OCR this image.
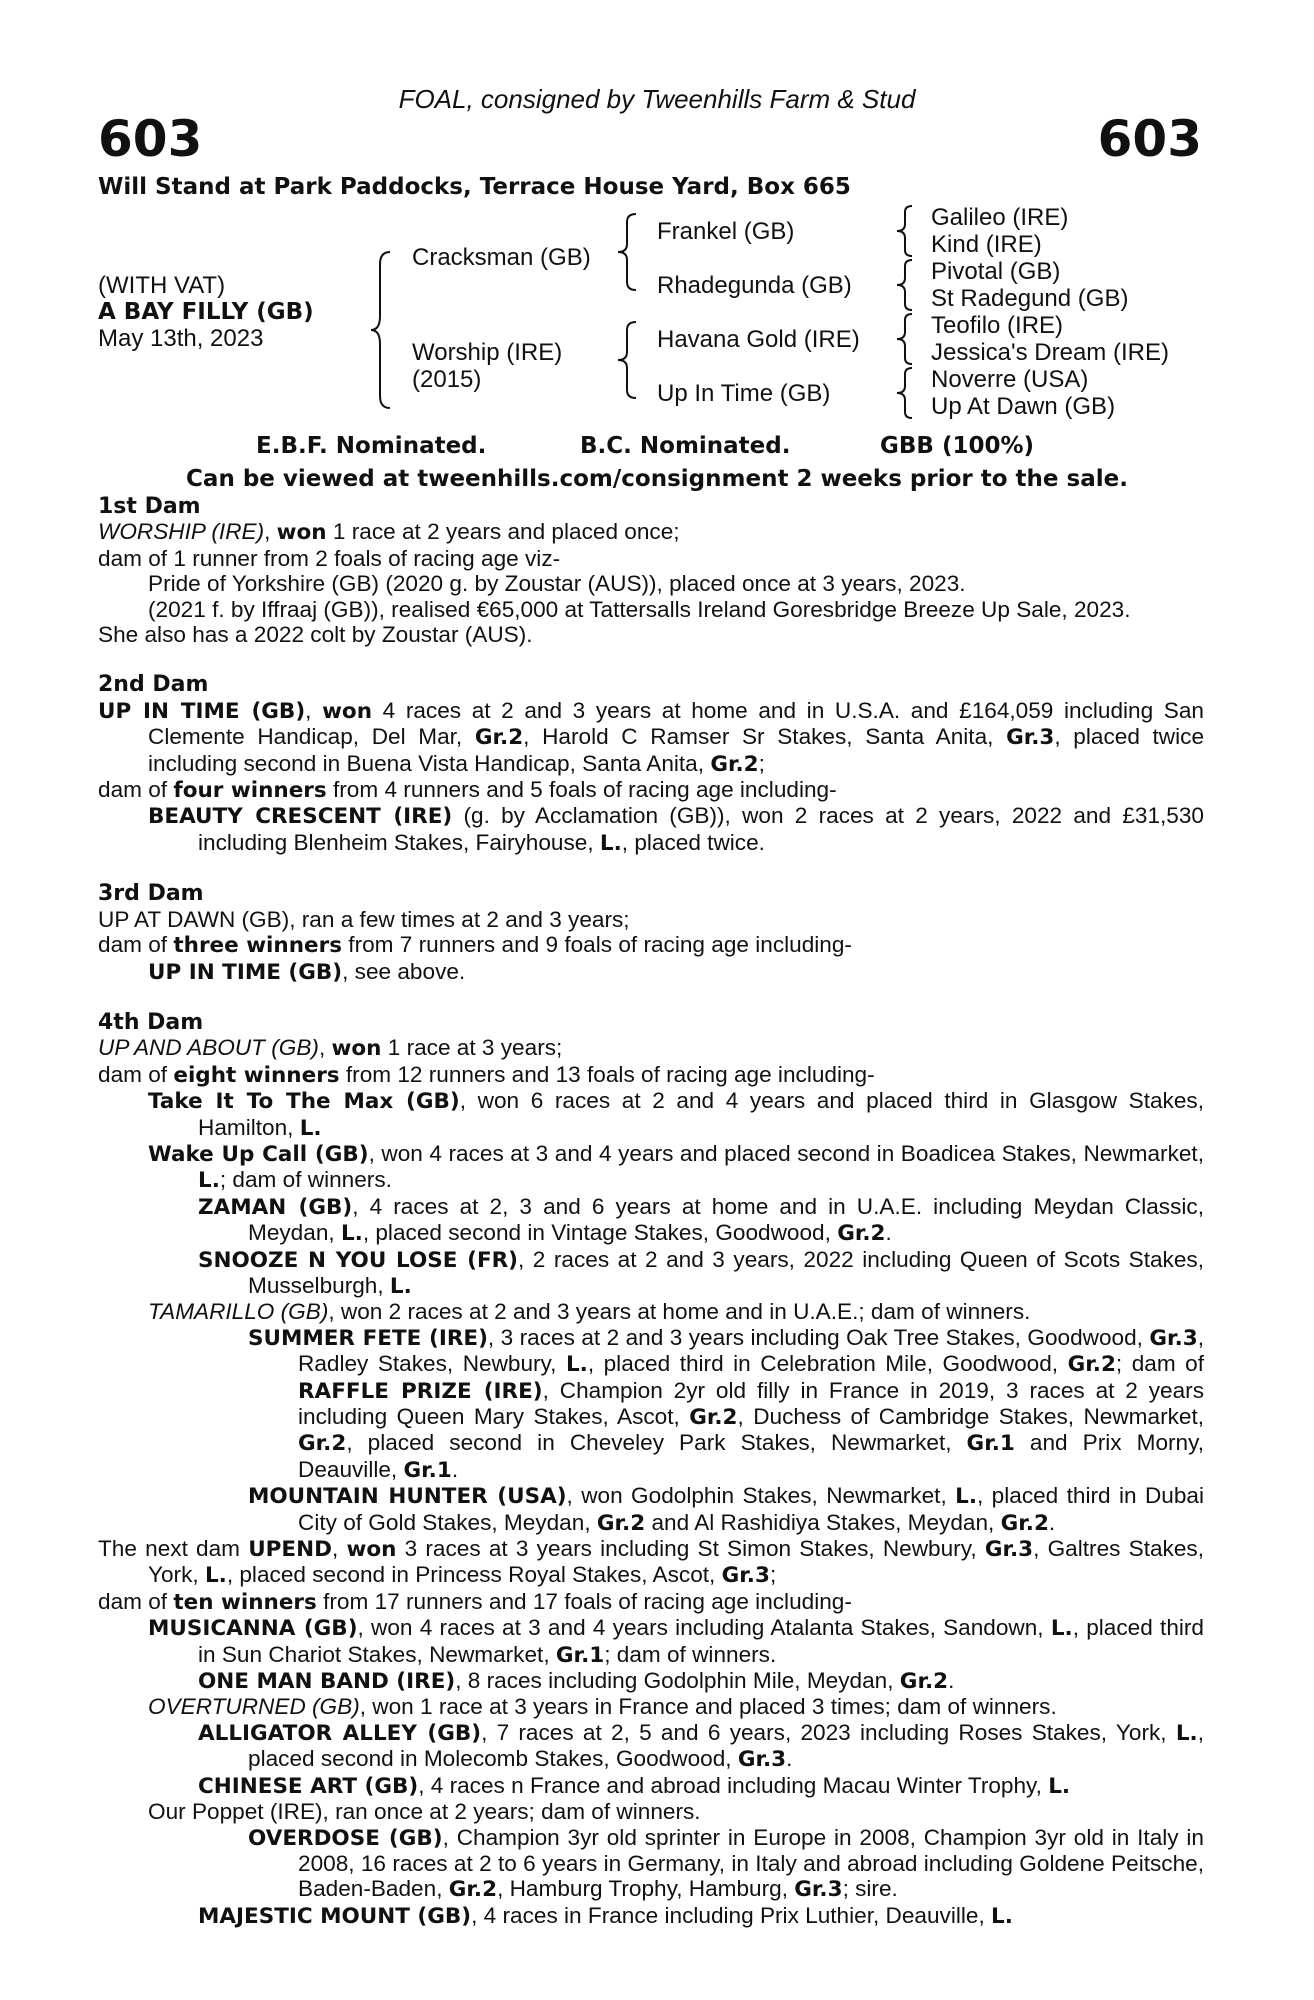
FOAL, consigned by Tweenhills Farm & Stud
603	603
Will Stand at Park Paddocks, Terrace House Yard, Box 665
(WITH VAT)
A BAY FILLY (GB)
May 13th, 2023
Cracksman (GB)
Worship (IRE)
(2015)
Frankel (GB)
Rhadegunda (GB)
Havana Gold (IRE)
Up In Time (GB)
Galileo (IRE)
Kind (IRE)
Pivotal (GB)
St Radegund (GB)
Teofilo (IRE)
Jessica's Dream (IRE)
Noverre (USA)
Up At Dawn (GB)
E.B.F. Nominated.	B.C. Nominated.	GBB (100%)
Can be viewed at tweenhills.com/consignment 2 weeks prior to the sale.

1st Dam

WORSHIP (IRE), won 1 race at 2 years and placed once;

dam of 1 runner from 2 foals of racing age viz-

Pride of Yorkshire (GB) (2020 g. by Zoustar (AUS)), placed once at 3 years, 2023.

(2021 f. by Iffraaj (GB)), realised €65,000 at Tattersalls Ireland Goresbridge Breeze Up Sale, 2023.

She also has a 2022 colt by Zoustar (AUS).

2nd Dam

UP IN TIME (GB), won 4 races at 2 and 3 years at home and in U.S.A. and £164,059 including San Clemente Handicap, Del Mar, Gr.2, Harold C Ramser Sr Stakes, Santa Anita, Gr.3, placed twice including second in Buena Vista Handicap, Santa Anita, Gr.2;

dam of four winners from 4 runners and 5 foals of racing age including-

BEAUTY CRESCENT (IRE) (g. by Acclamation (GB)), won 2 races at 2 years, 2022 and £31,530 including Blenheim Stakes, Fairyhouse, L., placed twice.

3rd Dam

UP AT DAWN (GB), ran a few times at 2 and 3 years;

dam of three winners from 7 runners and 9 foals of racing age including-

UP IN TIME (GB), see above.

4th Dam

UP AND ABOUT (GB), won 1 race at 3 years;

dam of eight winners from 12 runners and 13 foals of racing age including-

Take It To The Max (GB), won 6 races at 2 and 4 years and placed third in Glasgow Stakes, Hamilton, L.

Wake Up Call (GB), won 4 races at 3 and 4 years and placed second in Boadicea Stakes, Newmarket, L.; dam of winners.

ZAMAN (GB), 4 races at 2, 3 and 6 years at home and in U.A.E. including Meydan Classic, Meydan, L., placed second in Vintage Stakes, Goodwood, Gr.2.

SNOOZE N YOU LOSE (FR), 2 races at 2 and 3 years, 2022 including Queen of Scots Stakes, Musselburgh, L.

TAMARILLO (GB), won 2 races at 2 and 3 years at home and in U.A.E.; dam of winners.

SUMMER FETE (IRE), 3 races at 2 and 3 years including Oak Tree Stakes, Goodwood, Gr.3, Radley Stakes, Newbury, L., placed third in Celebration Mile, Goodwood, Gr.2; dam of RAFFLE PRIZE (IRE), Champion 2yr old filly in France in 2019, 3 races at 2 years including Queen Mary Stakes, Ascot, Gr.2, Duchess of Cambridge Stakes, Newmarket, Gr.2, placed second in Cheveley Park Stakes, Newmarket, Gr.1 and Prix Morny, Deauville, Gr.1.

MOUNTAIN HUNTER (USA), won Godolphin Stakes, Newmarket, L., placed third in Dubai City of Gold Stakes, Meydan, Gr.2 and Al Rashidiya Stakes, Meydan, Gr.2.

The next dam UPEND, won 3 races at 3 years including St Simon Stakes, Newbury, Gr.3, Galtres Stakes, York, L., placed second in Princess Royal Stakes, Ascot, Gr.3;

dam of ten winners from 17 runners and 17 foals of racing age including-

MUSICANNA (GB), won 4 races at 3 and 4 years including Atalanta Stakes, Sandown, L., placed third in Sun Chariot Stakes, Newmarket, Gr.1; dam of winners.

ONE MAN BAND (IRE), 8 races including Godolphin Mile, Meydan, Gr.2.

OVERTURNED (GB), won 1 race at 3 years in France and placed 3 times; dam of winners.

ALLIGATOR ALLEY (GB), 7 races at 2, 5 and 6 years, 2023 including Roses Stakes, York, L., placed second in Molecomb Stakes, Goodwood, Gr.3.

CHINESE ART (GB), 4 races n France and abroad including Macau Winter Trophy, L.

Our Poppet (IRE), ran once at 2 years; dam of winners.

OVERDOSE (GB), Champion 3yr old sprinter in Europe in 2008, Champion 3yr old in Italy in 2008, 16 races at 2 to 6 years in Germany, in Italy and abroad including Goldene Peitsche, Baden-Baden, Gr.2, Hamburg Trophy, Hamburg, Gr.3; sire.

MAJESTIC MOUNT (GB), 4 races in France including Prix Luthier, Deauville, L.
